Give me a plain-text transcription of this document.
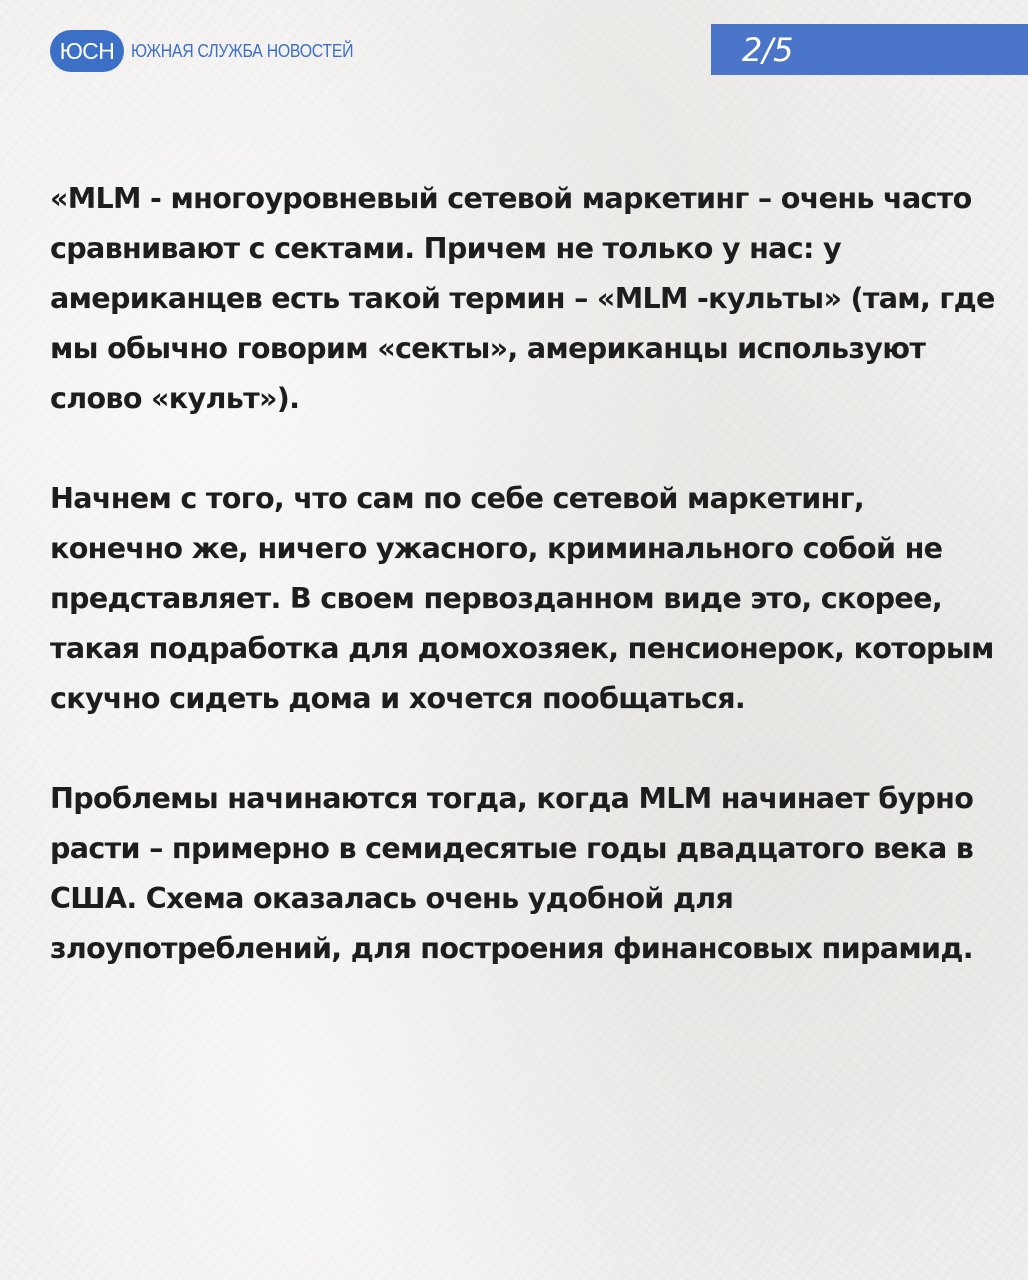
ЮСН ЮЖНАЯ СЛУЖБА НОВОСТЕЙ	2/5

«MLM - многоуровневый сетевой маркетинг – очень часто

сравнивают с сектами. Причем не только у нас: у

американцев есть такой термин – «MLM -культы» (там, где

мы обычно говорим «секты», американцы используют

слово «культ»).

Начнем с того, что сам по себе сетевой маркетинг,

конечно же, ничего ужасного, криминального собой не

представляет. В своем первозданном виде это, скорее,

такая подработка для домохозяек, пенсионерок, которым

скучно сидеть дома и хочется пообщаться.

Проблемы начинаются тогда, когда MLM начинает бурно

расти – примерно в семидесятые годы двадцатого века в

США. Схема оказалась очень удобной для

злоупотреблений, для построения финансовых пирамид.
